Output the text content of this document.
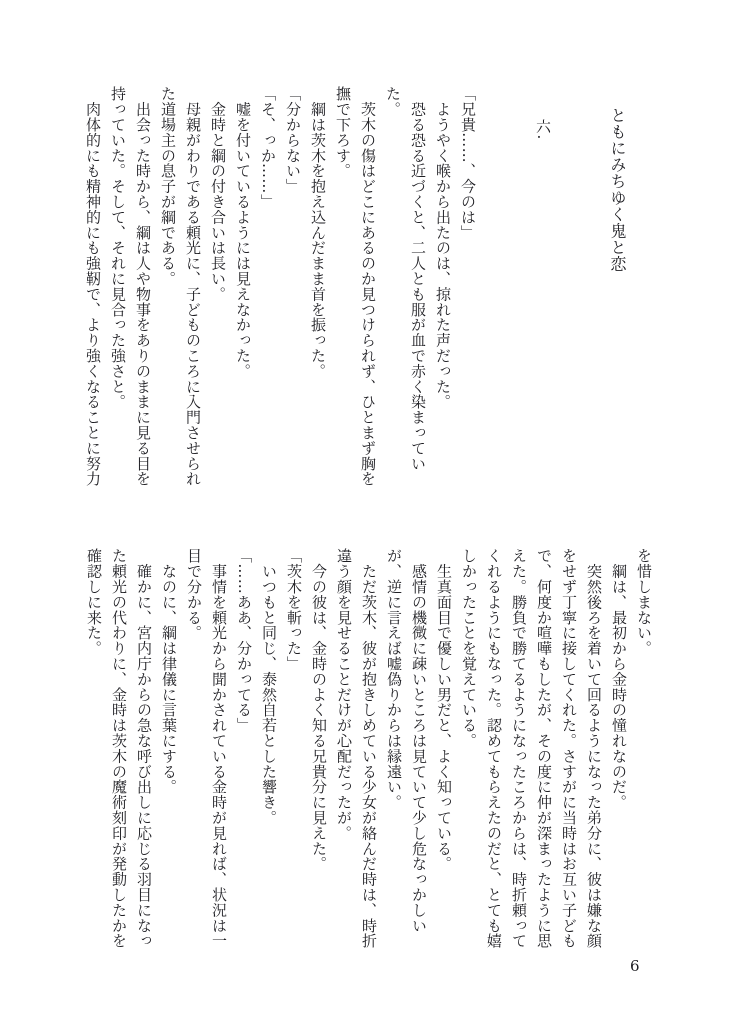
ともにみちゆく鬼と恋
六.

「兄貴……、今のは」

　ようやく喉から出たのは、掠れた声だった。

　恐る恐る近づくと、二人とも服が血で赤く染まってい

た。

　茨木の傷はどこにあるのか見つけられず、ひとまず胸を

撫で下ろす。

　綱は茨木を抱え込んだまま首を振った。

「分からない」

「そ、っか……」

　嘘を付いているようには見えなかった。

　金時と綱の付き合いは長い。

　母親がわりである頼光に、子どものころに入門させられ

た道場主の息子が綱である。

　出会った時から、綱は人や物事をありのままに見る目を

持っていた。そして、それに見合った強さと。

　肉体的にも精神的にも強靭で、より強くなることに努力

を惜しまない。

　綱は、最初から金時の憧れなのだ。

　突然後ろを着いて回るようになった弟分に、彼は嫌な顔

をせず丁寧に接してくれた。さすがに当時はお互い子ども

で、何度か喧嘩もしたが、その度に仲が深まったように思

えた。勝負で勝てるようになったころからは、時折頼って

くれるようにもなった。認めてもらえたのだと、とても嬉

しかったことを覚えている。

　生真面目で優しい男だと、よく知っている。

　感情の機微に疎いところは見ていて少し危なっかしい

が、逆に言えば嘘偽りからは縁遠い。

　ただ茨木、彼が抱きしめている少女が絡んだ時は、時折

違う顔を見せることだけが心配だったが。

　今の彼は、金時のよく知る兄貴分に見えた。

「茨木を斬った」

　いつもと同じ、泰然自若とした響き。

「……ああ、分かってる」

　事情を頼光から聞かされている金時が見れば、状況は一

目で分かる。

　なのに、綱は律儀に言葉にする。

　確かに、宮内庁からの急な呼び出しに応じる羽目になっ

た頼光の代わりに、金時は茨木の魔術刻印が発動したかを

確認しに来た。

6
